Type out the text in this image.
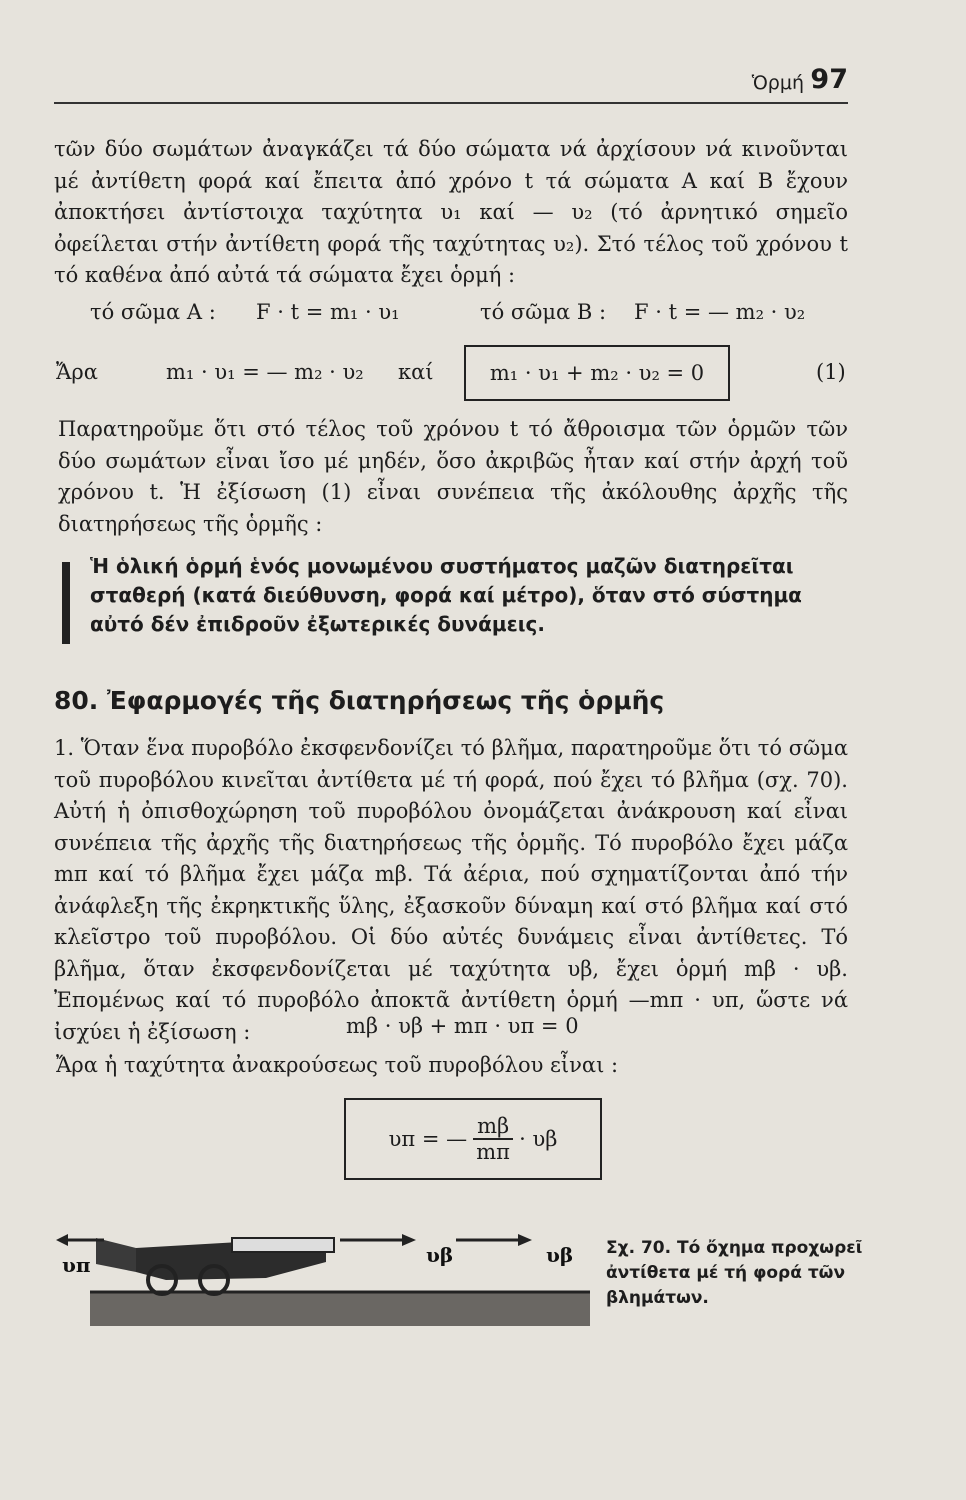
Ὁρμή 97

τῶν δύο σωμάτων ἀναγκάζει τά δύο σώματα νά ἀρχίσουν νά κινοῦνται μέ ἀντίθετη φορά καί ἔπειτα ἀπό χρόνο t τά σώματα Α καί Β ἔχουν ἀποκτήσει ἀντίστοιχα ταχύτητα υ₁ καί — υ₂ (τό ἀρνητικό σημεῖο ὀφείλεται στήν ἀντίθετη φορά τῆς ταχύτητας υ₂). Στό τέλος τοῦ χρόνου t τό καθένα ἀπό αὐτά τά σώματα ἔχει ὁρμή :

τό σῶμα Α : F · t = m₁ · υ₁	τό σῶμα Β : F · t = — m₂ · υ₂
Ἄρα	m₁ · υ₁ = — m₂ · υ₂ καί	m₁ · υ₁ + m₂ · υ₂ = 0	(1)

Παρατηροῦμε ὅτι στό τέλος τοῦ χρόνου t τό ἄθροισμα τῶν ὁρμῶν τῶν δύο σωμάτων εἶναι ἴσο μέ μηδέν, ὅσο ἀκριβῶς ἦταν καί στήν ἀρχή τοῦ χρόνου t. Ἡ ἐξίσωση (1) εἶναι συνέπεια τῆς ἀκόλουθης ἀρχῆς τῆς διατηρήσεως τῆς ὁρμῆς :

Ἡ ὁλική ὁρμή ἑνός μονωμένου συστήματος μαζῶν διατηρεῖται σταθερή (κατά διεύθυνση, φορά καί μέτρο), ὅταν στό σύστημα αὐτό δέν ἐπιδροῦν ἐξωτερικές δυνάμεις.
80. Ἐφαρμογές τῆς διατηρήσεως τῆς ὁρμῆς

1. Ὅταν ἕνα πυροβόλο ἐκσφενδονίζει τό βλῆμα, παρατηροῦμε ὅτι τό σῶμα τοῦ πυροβόλου κινεῖται ἀντίθετα μέ τή φορά, πού ἔχει τό βλῆμα (σχ. 70). Αὐτή ἡ ὀπισθοχώρηση τοῦ πυροβόλου ὀνομάζεται ἀνάκρουση καί εἶναι συνέπεια τῆς ἀρχῆς τῆς διατηρήσεως τῆς ὁρμῆς. Τό πυροβόλο ἔχει μάζα mπ καί τό βλῆμα ἔχει μάζα mβ. Τά ἀέρια, πού σχηματίζονται ἀπό τήν ἀνάφλεξη τῆς ἐκρηκτικῆς ὕλης, ἐξασκοῦν δύναμη καί στό βλῆμα καί στό κλεῖστρο τοῦ πυροβόλου. Οἱ δύο αὐτές δυνάμεις εἶναι ἀντίθετες. Τό βλῆμα, ὅταν ἐκσφενδονίζεται μέ ταχύτητα υβ, ἔχει ὁρμή mβ · υβ. Ἐπομένως καί τό πυροβόλο ἀποκτᾶ ἀντίθετη ὁρμή —mπ · υπ, ὥστε νά ἰσχύει ἡ ἐξίσωση :	mβ · υβ + mπ · υπ = 0
Ἄρα ἡ ταχύτητα ἀνακρούσεως τοῦ πυροβόλου εἶναι :
υπ = — $\frac{m\beta}{m\pi} \cdot \upsilon\beta$
υπ	υβ	υβ Σχ. 70. Τό ὄχημα προχωρεῖ ἀντίθετα μέ τή φορά τῶν βλημάτων.
